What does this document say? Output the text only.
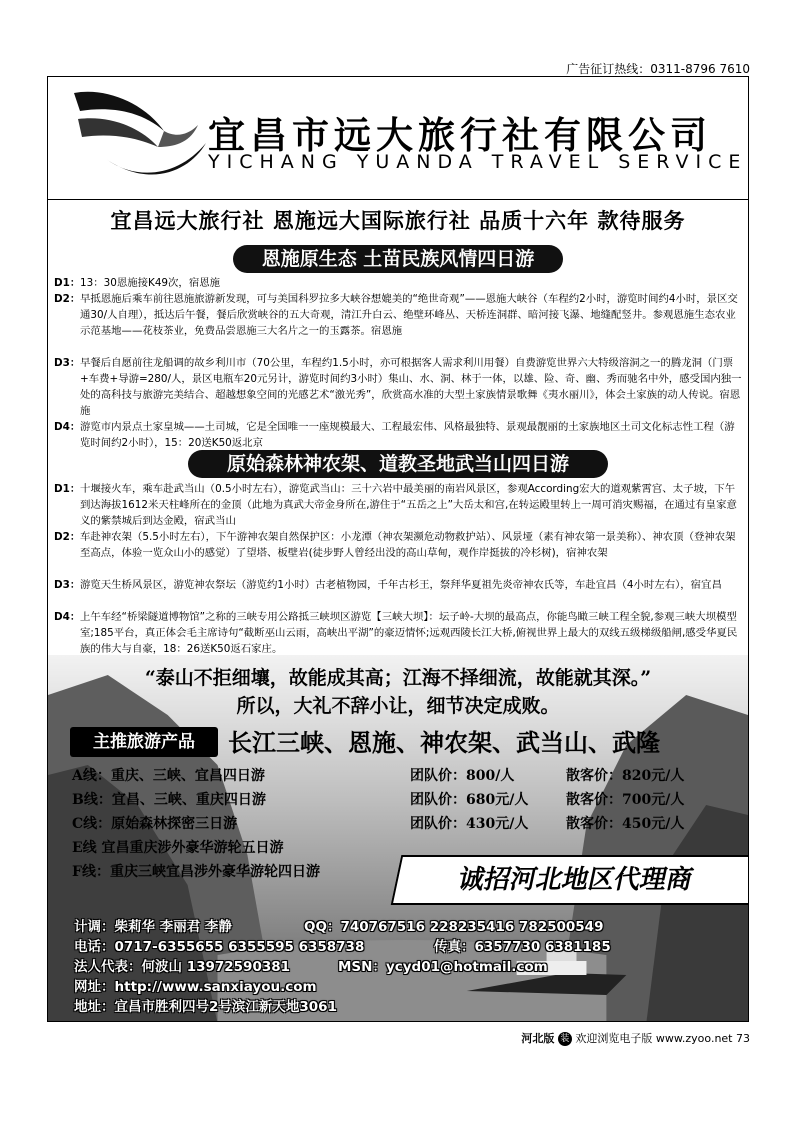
广告征订热线：0311-8796 7610
宜昌市远大旅行社有限公司
YICHANG YUANDA TRAVEL SERVICE
宜昌远大旅行社 恩施远大国际旅行社 品质十六年 款待服务
恩施原生态 土苗民族风情四日游
D1： 13：30恩施接K49次，宿恩施
D2： 早抵恩施后乘车前往恩施旅游新发现，可与美国科罗拉多大峡谷想媲美的“绝世奇观”——恩施大峡谷（车程约2小时，游览时间约4小时，景区交通30/人自理），抵达后午餐，餐后欣赏峡谷的五大奇观，清江升白云、绝壁环峰丛、天桥连洞群、暗河接飞瀑、地缝配竖井。参观恩施生态农业示范基地——花枝茶业，免费品尝恩施三大名片之一的玉露茶。宿恩施
D3： 早餐后自愿前往龙船调的故乡利川市（70公里，车程约1.5小时，亦可根据客人需求利川用餐）自费游览世界六大特级溶洞之一的腾龙洞（门票+车费+导游=280/人，景区电瓶车20元另计，游览时间约3小时）集山、水、洞、林于一体，以雄、险、奇、幽、秀而驰名中外，感受国内独一处的高科技与旅游完美结合、超越想象空间的光感艺术“激光秀”，欣赏高水准的大型土家族情景歌舞《夷水丽川》，体会土家族的动人传说。宿恩施
D4： 游览市内景点土家皇城——土司城，它是全国唯一一座规模最大、工程最宏伟、风格最独特、景观最靓丽的土家族地区土司文化标志性工程（游览时间约2小时），15：20送K50返北京
原始森林神农架、道教圣地武当山四日游
D1： 十堰接火车，乘车赴武当山（0.5小时左右），游览武当山：三十六岩中最美丽的南岩风景区，参观According宏大的道观紫霄宫、太子坡，下午到达海拔1612米天柱峰所在的金顶（此地为真武大帝金身所在,游住于“五岳之上”大岳太和宫,在转运殿里转上一周可消灾赐福，在通过有皇家意义的紫禁城后到达金殿，宿武当山
D2： 车赴神农架（5.5小时左右），下午游神农架自然保护区：小龙潭（神农架濒危动物救护站）、风景垭（素有神农第一景美称）、神农顶（登神农架至高点，体验一览众山小的感觉）了望塔、板壁岩(徒步野人曾经出没的高山草甸，观作岸挺拔的冷杉树)，宿神农架
D3： 游览天生桥风景区，游览神农祭坛（游览约1小时）古老植物园，千年古杉王，祭拜华夏祖先炎帝神农氏等，车赴宜昌（4小时左右），宿宜昌
D4： 上午车经“桥梁隧道博物馆”之称的三峡专用公路抵三峡坝区游览【三峡大坝】：坛子岭-大坝的最高点，你能鸟瞰三峡工程全貌,参观三峡大坝模型室;185平台，真正体会毛主席诗句“截断巫山云雨，高峡出平湖”的豪迈情怀;远观西陵长江大桥,俯视世界上最大的双线五级梯级船闸,感受华夏民族的伟大与自豪，18：26送K50返石家庄。
“泰山不拒细壤，故能成其高；江海不择细流，故能就其深。”
所以，大礼不辞小让，细节决定成败。
主推旅游产品	长江三峡、恩施、神农架、武当山、武隆
A线：重庆、三峡、宜昌四日游	团队价：800/人	散客价：820元/人
B线：宜昌、三峡、重庆四日游	团队价：680元/人	散客价：700元/人
C线：原始森林探密三日游	团队价：430元/人	散客价：450元/人
E线 宜昌重庆涉外豪华游轮五日游
F线：重庆三峡宜昌涉外豪华游轮四日游	诚招河北地区代理商
计调：柴莉华 李丽君 李静	QQ：740767516 228235416 782500549
电话：0717-6355655 6355595 6358738	传真：6357730 6381185
法人代表：何波山 13972590381	MSN：ycyd01@hotmail.com
网址：http://www.sanxiayou.com
地址：宜昌市胜利四号2号滨江新天地3061
河北版 装 欢迎浏览电子版 www.zyoo.net 73
